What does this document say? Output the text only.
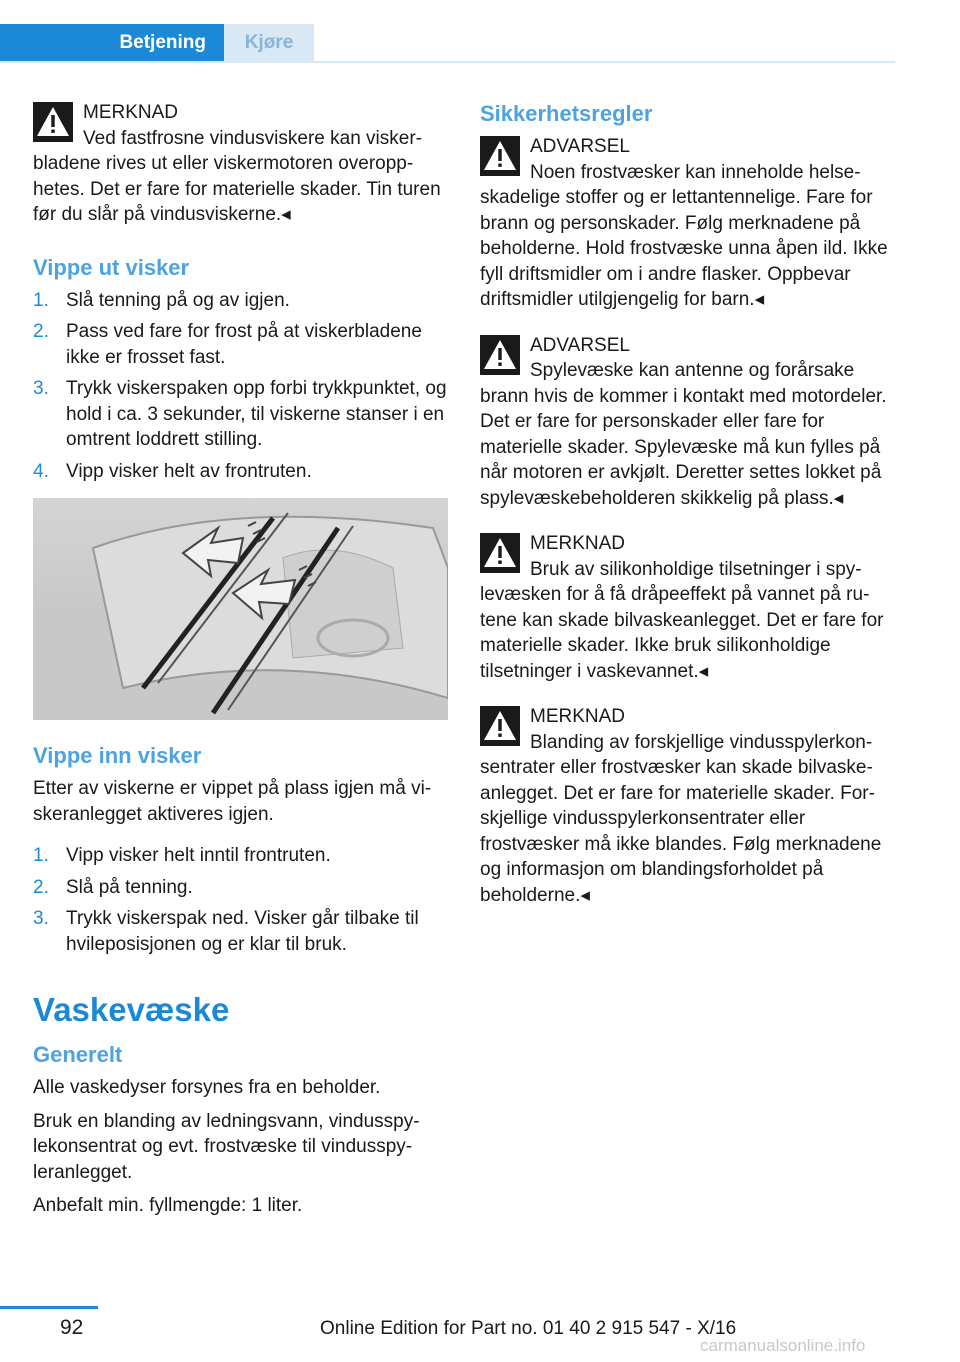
Betjening	Kjøre
MERKNAD

Ved fastfrosne vindusviskere kan viskerbladene rives ut eller viskermotoren overopphetes. Det er fare for materielle skader. Tin turen før du slår på vindusviskerne.◂

Vippe ut visker
1. Slå tenning på og av igjen.
2. Pass ved fare for frost på at viskerbladene ikke er frosset fast.
3. Trykk viskerspaken opp forbi trykkpunktet, og hold i ca. 3 sekunder, til viskerne stanser i en omtrent loddrett stilling.
4. Vipp visker helt av frontruten.
Vippe inn visker

Etter av viskerne er vippet på plass igjen må viskeranlegget aktiveres igjen.

1. Vipp visker helt inntil frontruten.
2. Slå på tenning.
3. Trykk viskerspak ned. Visker går tilbake til hvileposisjonen og er klar til bruk.
Vaskevæske
Generelt

Alle vaskedyser forsynes fra en beholder.

Bruk en blanding av ledningsvann, vindusspylekonsentrat og evt. frostvæske til vindusspyleranlegget.

Anbefalt min. fyllmengde: 1 liter.

Sikkerhetsregler
ADVARSEL

Noen frostvæsker kan inneholde helseskadelige stoffer og er lettantennelige. Fare for brann og personskader. Følg merknadene på beholderne. Hold frostvæske unna åpen ild. Ikke fyll driftsmidler om i andre flasker. Oppbevar driftsmidler utilgjengelig for barn.◂

ADVARSEL

Spylevæske kan antenne og forårsake brann hvis de kommer i kontakt med motordeler. Det er fare for personskader eller fare for materielle skader. Spylevæske må kun fylles på når motoren er avkjølt. Deretter settes lokket på spylevæskebeholderen skikkelig på plass.◂

MERKNAD

Bruk av silikonholdige tilsetninger i spylevæsken for å få dråpeeffekt på vannet på rutene kan skade bilvaskeanlegget. Det er fare for materielle skader. Ikke bruk silikonholdige tilsetninger i vaskevannet.◂

MERKNAD

Blanding av forskjellige vindusspylerkonsentrater eller frostvæsker kan skade bilvaskeanlegget. Det er fare for materielle skader. Forskjellige vindusspylerkonsentrater eller frostvæsker må ikke blandes. Følg merknadene og informasjon om blandingsforholdet på beholderne.◂

92	Online Edition for Part no. 01 40 2 915 547 - X/16
carmanualsonline.info
